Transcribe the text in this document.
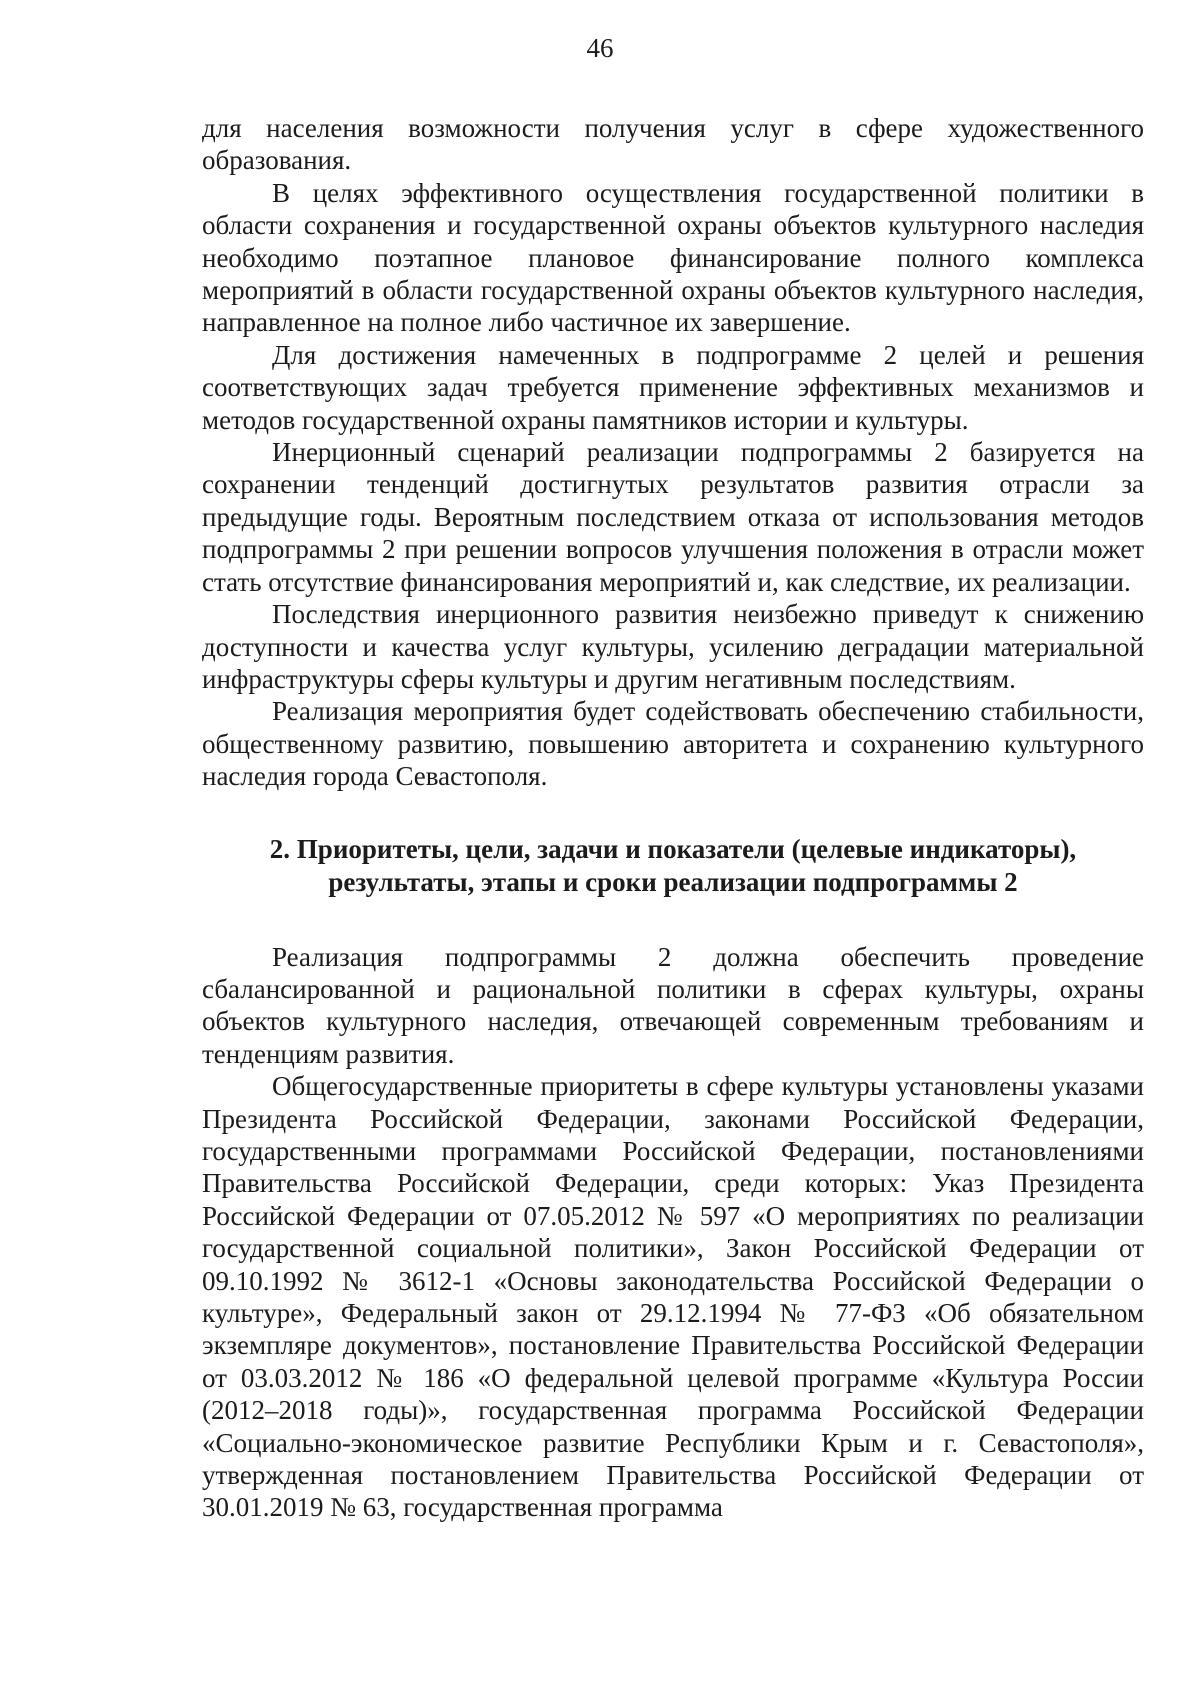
46

для населения возможности получения услуг в сфере художественного образования.

В целях эффективного осуществления государственной политики в области сохранения и государственной охраны объектов культурного наследия необходимо поэтапное плановое финансирование полного комплекса мероприятий в области государственной охраны объектов культурного наследия, направленное на полное либо частичное их завершение.

Для достижения намеченных в подпрограмме 2 целей и решения соответствующих задач требуется применение эффективных механизмов и методов государственной охраны памятников истории и культуры.

Инерционный сценарий реализации подпрограммы 2 базируется на сохранении тенденций достигнутых результатов развития отрасли за предыдущие годы. Вероятным последствием отказа от использования методов подпрограммы 2 при решении вопросов улучшения положения в отрасли может стать отсутствие финансирования мероприятий и, как следствие, их реализации.

Последствия инерционного развития неизбежно приведут к снижению доступности и качества услуг культуры, усилению деградации материальной инфраструктуры сферы культуры и другим негативным последствиям.

Реализация мероприятия будет содействовать обеспечению стабильности, общественному развитию, повышению авторитета и сохранению культурного наследия города Севастополя.

2. Приоритеты, цели, задачи и показатели (целевые индикаторы),
результаты, этапы и сроки реализации подпрограммы 2

Реализация подпрограммы 2 должна обеспечить проведение сбалансированной и рациональной политики в сферах культуры, охраны объектов культурного наследия, отвечающей современным требованиям и тенденциям развития.

Общегосударственные приоритеты в сфере культуры установлены указами Президента Российской Федерации, законами Российской Федерации, государственными программами Российской Федерации, постановлениями Правительства Российской Федерации, среди которых: Указ Президента Российской Федерации от 07.05.2012 № 597 «О мероприятиях по реализации государственной социальной политики», Закон Российской Федерации от 09.10.1992 № 3612-1 «Основы законодательства Российской Федерации о культуре», Федеральный закон от 29.12.1994 № 77-ФЗ «Об обязательном экземпляре документов», постановление Правительства Российской Федерации от 03.03.2012 № 186 «О федеральной целевой программе «Культура России (2012–2018 годы)», государственная программа Российской Федерации «Социально-экономическое развитие Республики Крым и г. Севастополя», утвержденная постановлением Правительства Российской Федерации от 30.01.2019 № 63, государственная программа
